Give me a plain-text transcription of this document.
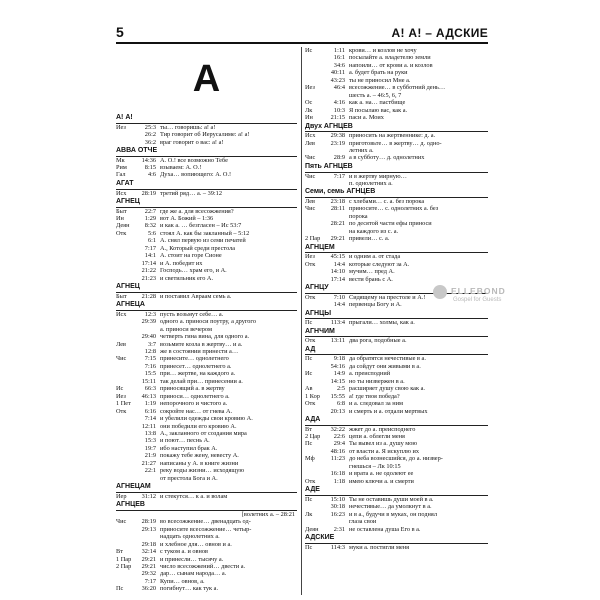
5	А! А! – АДСКИЕ
А
А! А!
Иез	25:3 ты… говоришь: а! а!
26:2 Тир говорит об Иерусалиме: а! а!
36:2 враг говорит о вас: а! а!
АВВА ОТЧЕ
Мк	14:36 А. О.! все возможно Тебе
Рим	8:15 взываем: А. О.!
Гал	4:6 Духа… вопиющего: А. О.!
АГАТ
Исх	28:19 третий ряд… а. – 39:12
АГНЕЦ
Быт	22:7 где же а. для всесожжения?
Ин	1:29 вот А. Божий – 1:36
Деян	8:32 и как а. … безгласен – Ис 53:7
Отк	5:6 стоял А. как бы закланный – 5:12
6:1 А. снял первую из семи печатей
7:17 А., Который среди престола
14:1 А. стоит на горе Сионе
17:14 и А. победит их
21:22 Господь… храм его, и А.
21:23 и светильник его А.
АГНЕЦ
Быт	21:28 и поставил Авраам семь а.
АГНЕЦА
Исх	12:3 пусть возьмут себе… а.
29:39 одного а. приноси поутру, а другого
а. приноси вечером
29:40 четверть гина вина, для одного а.
Лев	3:7 возьмите козла в жертву… и а.
12:8 же в состоянии принести а…
Чис	7:15 принесите… однолетнего
7:16 принесет… однолетнего а.
15:5 при… жертве, на каждого а.
15:11 так делай при… принесении а.
Ис	66:3 приносящий а. в жертву
Иез	46:13 приноси… однолетнего а.
1 Пет	1:19 непорочного и чистого а.
Отк	6:16 сокройте нас… от гнева А.
7:14 и убелили одежды свои кровию А.
12:11 они победили его кровию А.
13:8 А., закланного от создания мира
15:3 и поют… песнь А.
19:7 ибо наступил брак А.
21:9 покажу тебе жену, невесту А.
21:27 написаны у А. в книге жизни
22:1 реку воды жизни… исходящую
от престола Бога и А.
АГНЕЦАМ
Иер	31:12 и стекутся… к а. и волам
АГНЦЕВ
[волетних а. – 28:21
Чис	28:19 во всесожжение… двенадцать од-
29:13 приносите всесожжение… четыр-
надцать однолетних а.
29:18 и хлебное для… овнов и а.
Вт	32:14 с туком а. и овнов
1 Пар	29:21 и принесли… тысячу а.
2 Пар	29:21 число всесожжений… двести а.
29:32 дар… сынам народа… а.
7:17 Купи… овнов, а.
Пс	36:20 погибнут… как тук а.
Ис	1:11 крови… и козлов не хочу
16:1 посылайте а. владетелю земли
34:6 напоили… от крови а. и козлов
40:11 а. будет брать на руки
43:23 ты не приносил Мне а.
Иез	46:4 всесожжение… в субботний день…
шесть а. – 46:5, 6, 7
Ос	4:16 как а. на… пастбище
Лк	10:3 Я посылаю вас, как а.
Ин	21:15 паси а. Моих
Двух АГНЦЕВ
Исх	29:38 приносить на жертвеннике: д. а.
Лев	23:19 приготовьте… в жертву… д. одно-
летних а.
Чис	28:9 а в субботу… д. однолетних
Пять АГНЦЕВ
Чис	7:17 и в жертву мирную…
п. однолетних а.
Семи, семь АГНЦЕВ
Лев	23:18 с хлебами… с. а. без порока
Чис	28:11 приносите… с. однолетних а. без
порока
28:21 по десятой части ефы приноси
на каждого из с. а.
2 Пар	29:21 привели… с. а.
АГНЦЕМ
Иез	45:15 и одним а. от стада
Отк	14:4 которые следуют за А.
14:10 мучим… пред А.
17:14 вести брань с А.
АГНЦУ
Отк	7:10 Сидящему на престоле и А.!
14:4 первенцы Богу и А.
АГНЦЫ
Пс	113:4 прыгали… холмы, как а.
АГНЧИМ
Отк	13:11 два рога, подобные а.
АД
Пс	9:18 да обратятся нечестивые в а.
54:16 да сойдут они живыми в а.
Ис	14:9 а. преисподний
14:15 но ты низвержен в а.
Ав	2:5 расширяет душу свою как а.
1 Кор	15:55 а! где твоя победа?
Отк	6:8 и а. следовал за ним
20:13 и смерть и а. отдали мертвых
АДА
Вт	32:22 жжет до а. преисподнего
2 Цар	22:6 цепи а. облегли меня
Пс	29:4 Ты вывел из а. душу мою
48:16 от власти а. Я искуплю их
Мф	11:23 до неба вознесшийся, до а. низвер-
гнешься – Лк 10:15
16:18 и врата а. не одолеют ее
Отк	1:18 имею ключи а. и смерти
АДЕ
Пс	15:10 Ты не оставишь души моей в а.
30:18 нечестивые… да умолкнут в а.
Лк	16:23 и в а., будучи в муках, он поднял
глаза свои
Деян	2:31 не оставлена душа Его в а.
АДСКИЕ
Пс	114:3 муки а. постигли меня
ELLEBOND
Gospel for Guests
